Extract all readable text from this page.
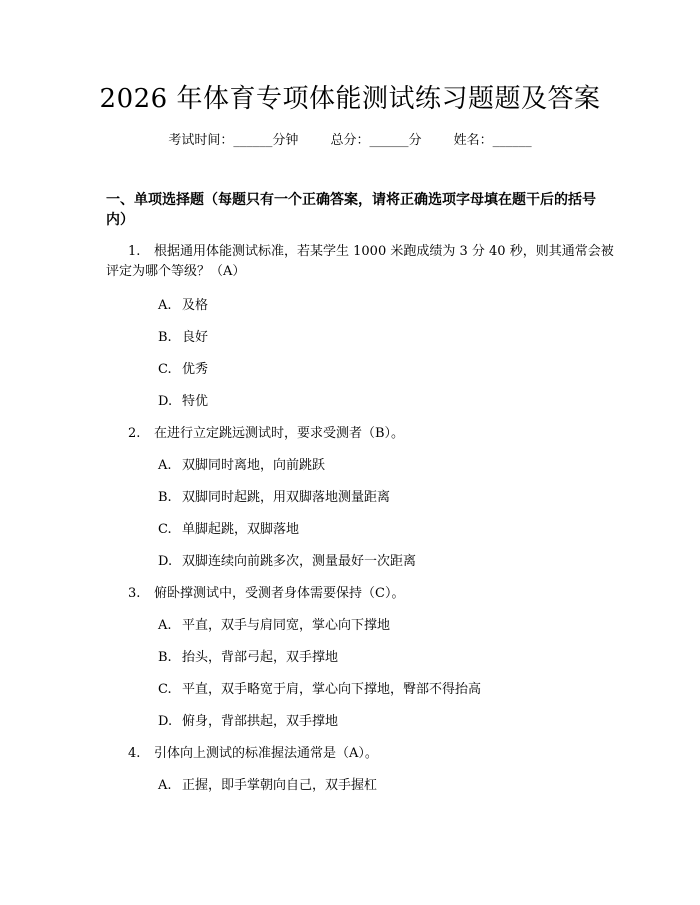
2026 年体育专项体能测试练习题题及答案
考试时间：______分钟 总分：______分 姓名：______
一、单项选择题（每题只有一个正确答案，请将正确选项字母填在题干后的括号内）
1. 根据通用体能测试标准，若某学生 1000 米跑成绩为 3 分 40 秒，则其通常会被评定为哪个等级？（A）
A. 及格
B. 良好
C. 优秀
D. 特优
2. 在进行立定跳远测试时，要求受测者（B）。
A. 双脚同时离地，向前跳跃
B. 双脚同时起跳，用双脚落地测量距离
C. 单脚起跳，双脚落地
D. 双脚连续向前跳多次，测量最好一次距离
3. 俯卧撑测试中，受测者身体需要保持（C）。
A. 平直，双手与肩同宽，掌心向下撑地
B. 抬头，背部弓起，双手撑地
C. 平直，双手略宽于肩，掌心向下撑地，臀部不得抬高
D. 俯身，背部拱起，双手撑地
4. 引体向上测试的标准握法通常是（A）。
A. 正握，即手掌朝向自己，双手握杠
